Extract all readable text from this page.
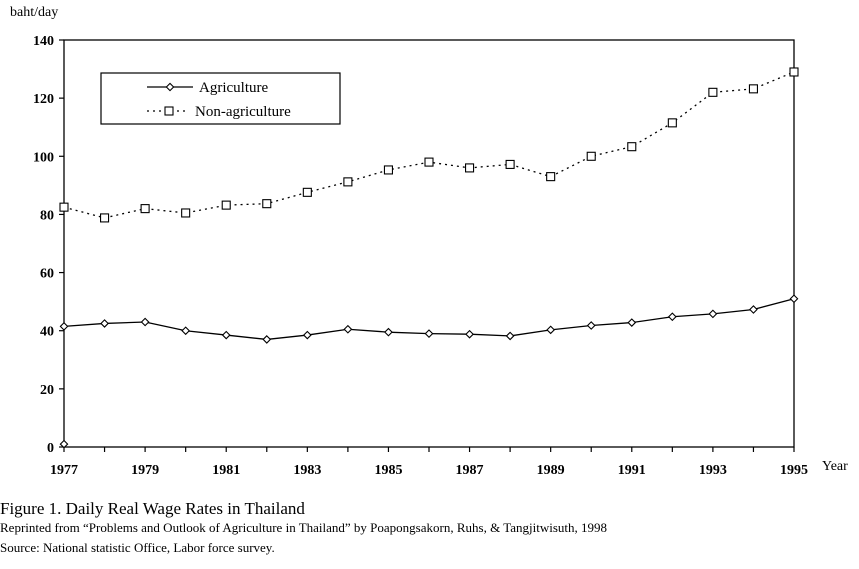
baht/day
Year
0
20
40
60
80
100
120
140
1977	1979	1981	1983	1985	1987	1989	1991	1993	1995
Agriculture
Non-agriculture
Figure 1. Daily Real Wage Rates in Thailand
Reprinted from “Problems and Outlook of Agriculture in Thailand” by Poapongsakorn, Ruhs, & Tangjitwisuth, 1998
Source: National statistic Office, Labor force survey.
